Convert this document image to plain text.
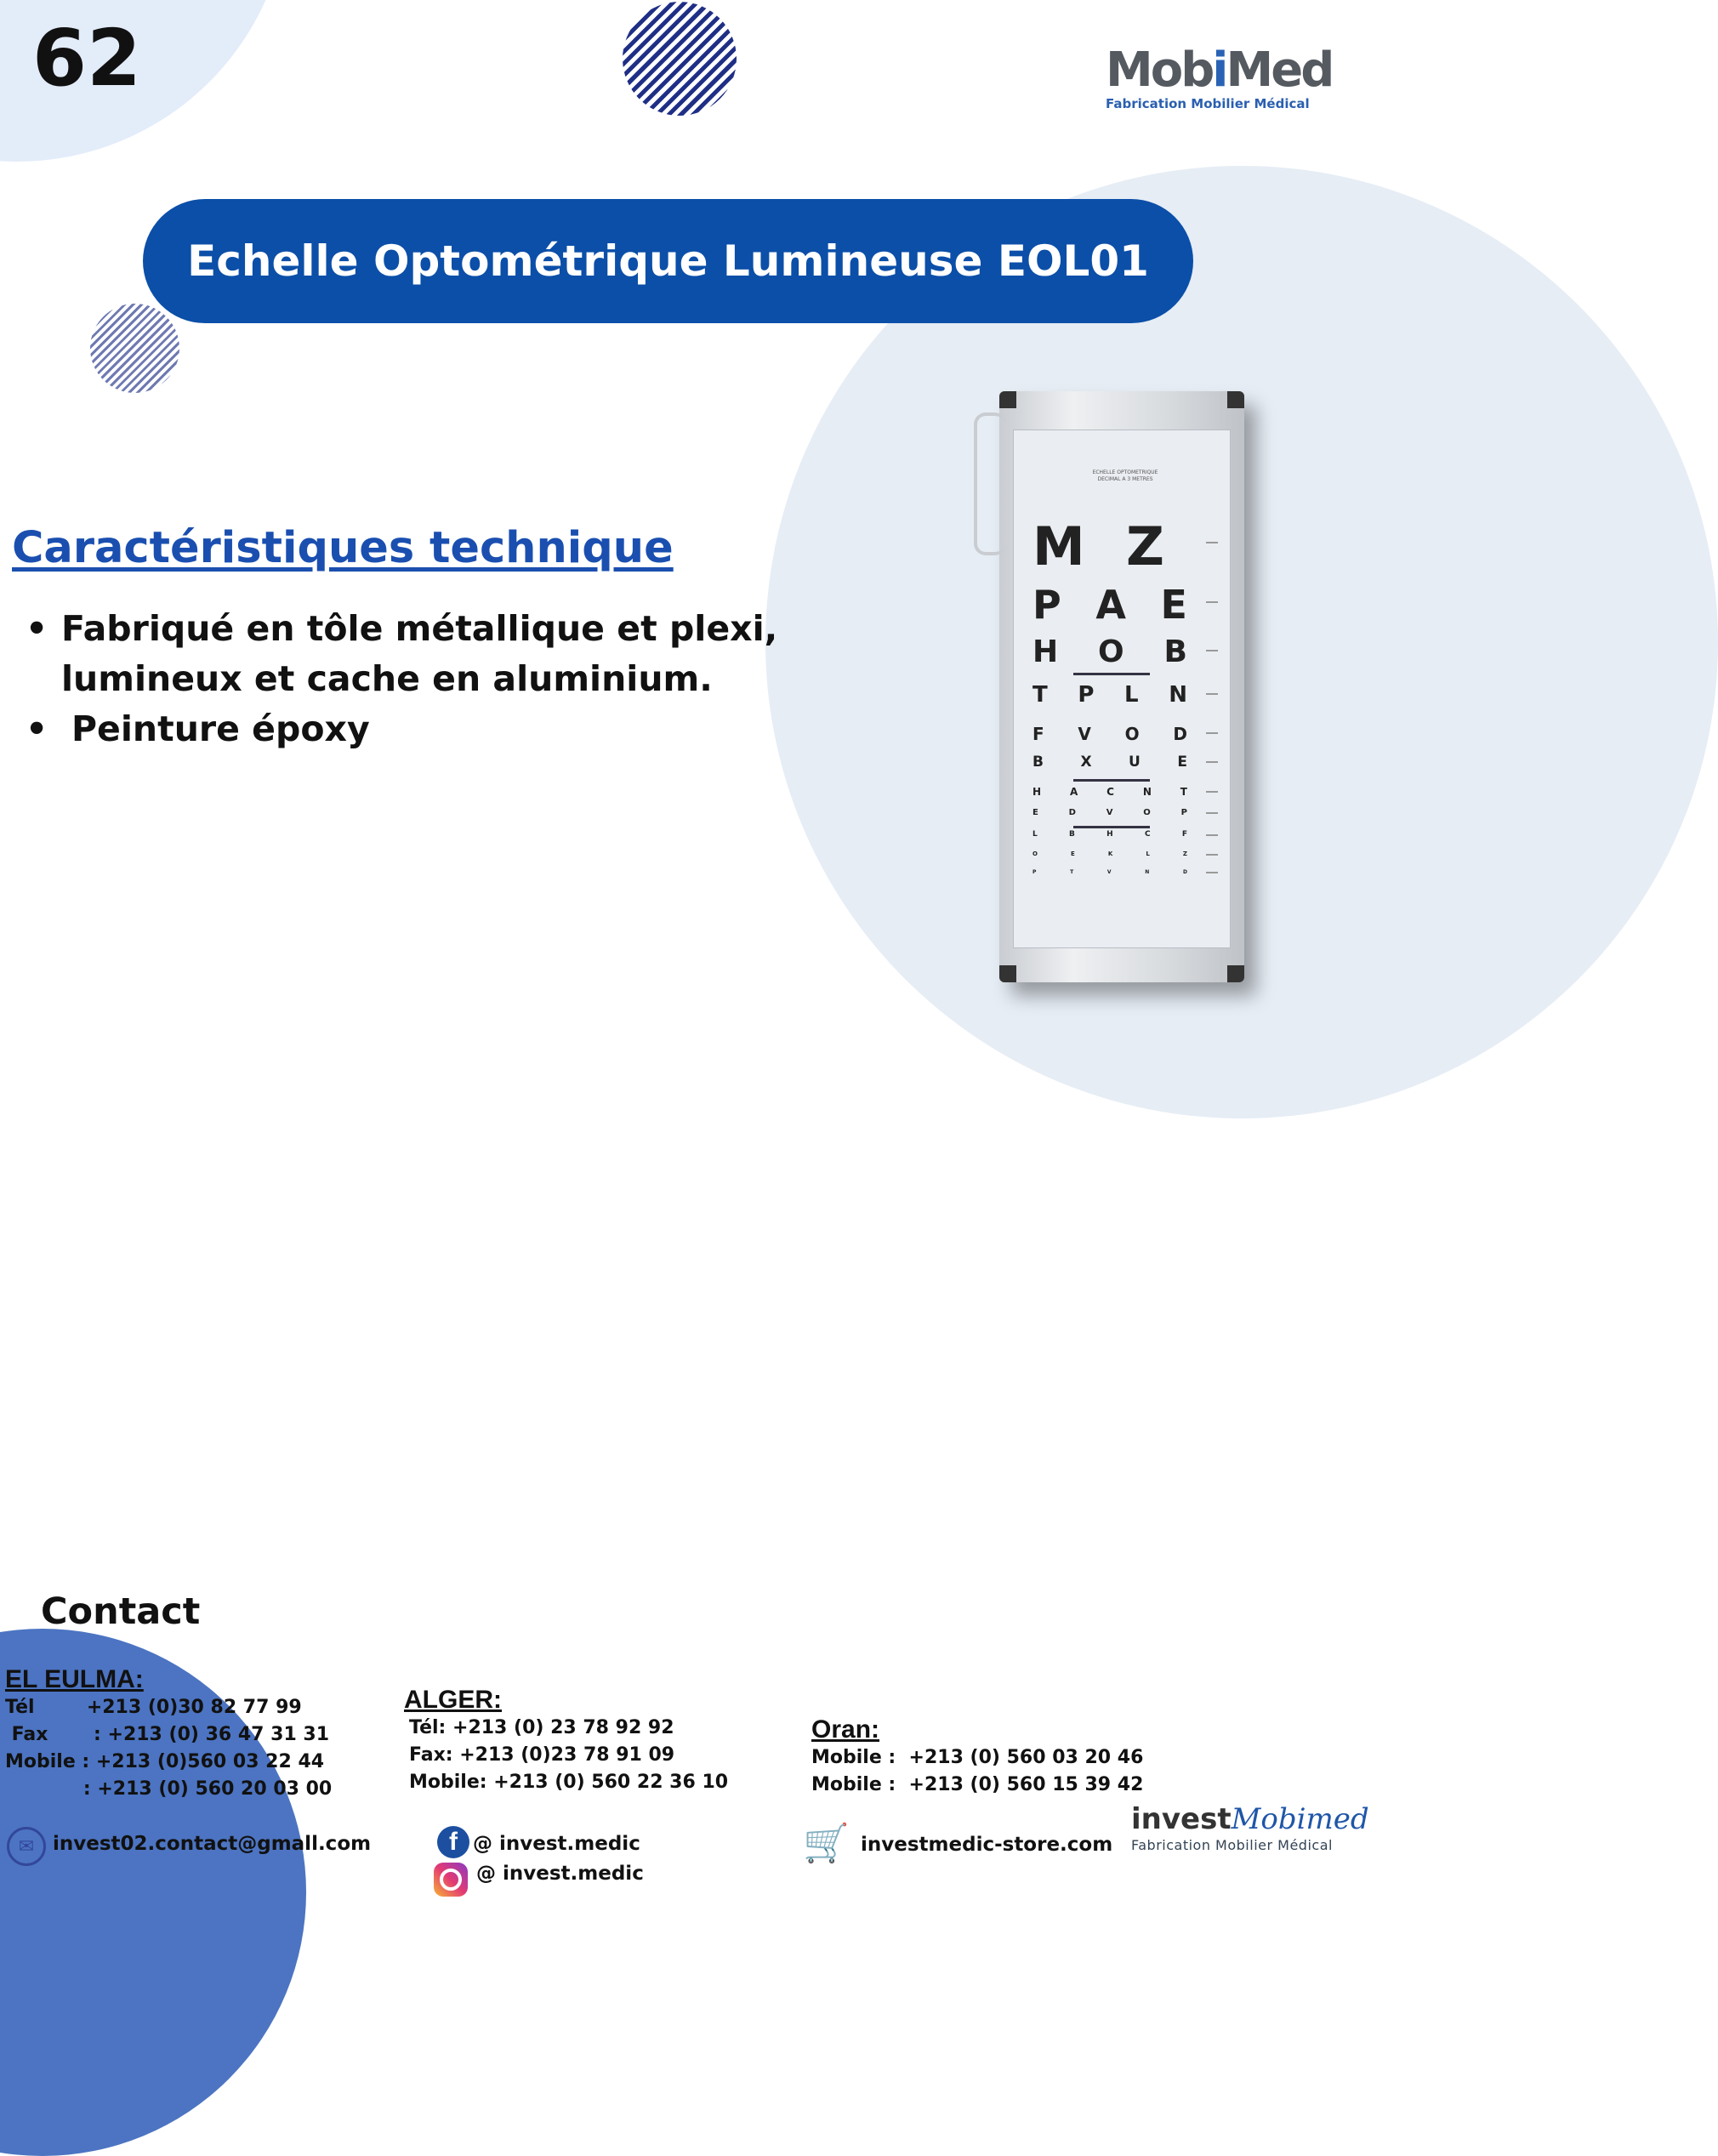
62	MobiMed
Fabrication Mobilier Médical
Echelle Optométrique Lumineuse EOL01
Caractéristiques technique
• Fabriqué en tôle métallique et plexi, lumineux et cache en aluminium.
• Peinture époxy
ECHELLE OPTOMETRIQUE DECIMAL A 3 METRES
M Z
P A E
H O B
T P L N
F V O D
B	X	U	E
H	A	C	N	T
E	D	V	O	P
L	B	H	C	F
O	E	K	L	Z
P	T	V	N	D
Contact
EL EULMA:
Tél        +213 (0)30 82 77 99
Fax       : +213 (0) 36 47 31 31
Mobile : +213 (0)560 03 22 44
: +213 (0) 560 20 03 00
ALGER:
Tél: +213 (0) 23 78 92 92
Fax: +213 (0)23 78 91 09
Mobile: +213 (0) 560 22 36 10
Oran:
Mobile :  +213 (0) 560 03 20 46
Mobile :  +213 (0) 560 15 39 42
✉ invest02.contact@gmall.com	f @ invest.medic
@ invest.medic
🛒 investmedic-store.com
investMobimed
Fabrication Mobilier Médical
